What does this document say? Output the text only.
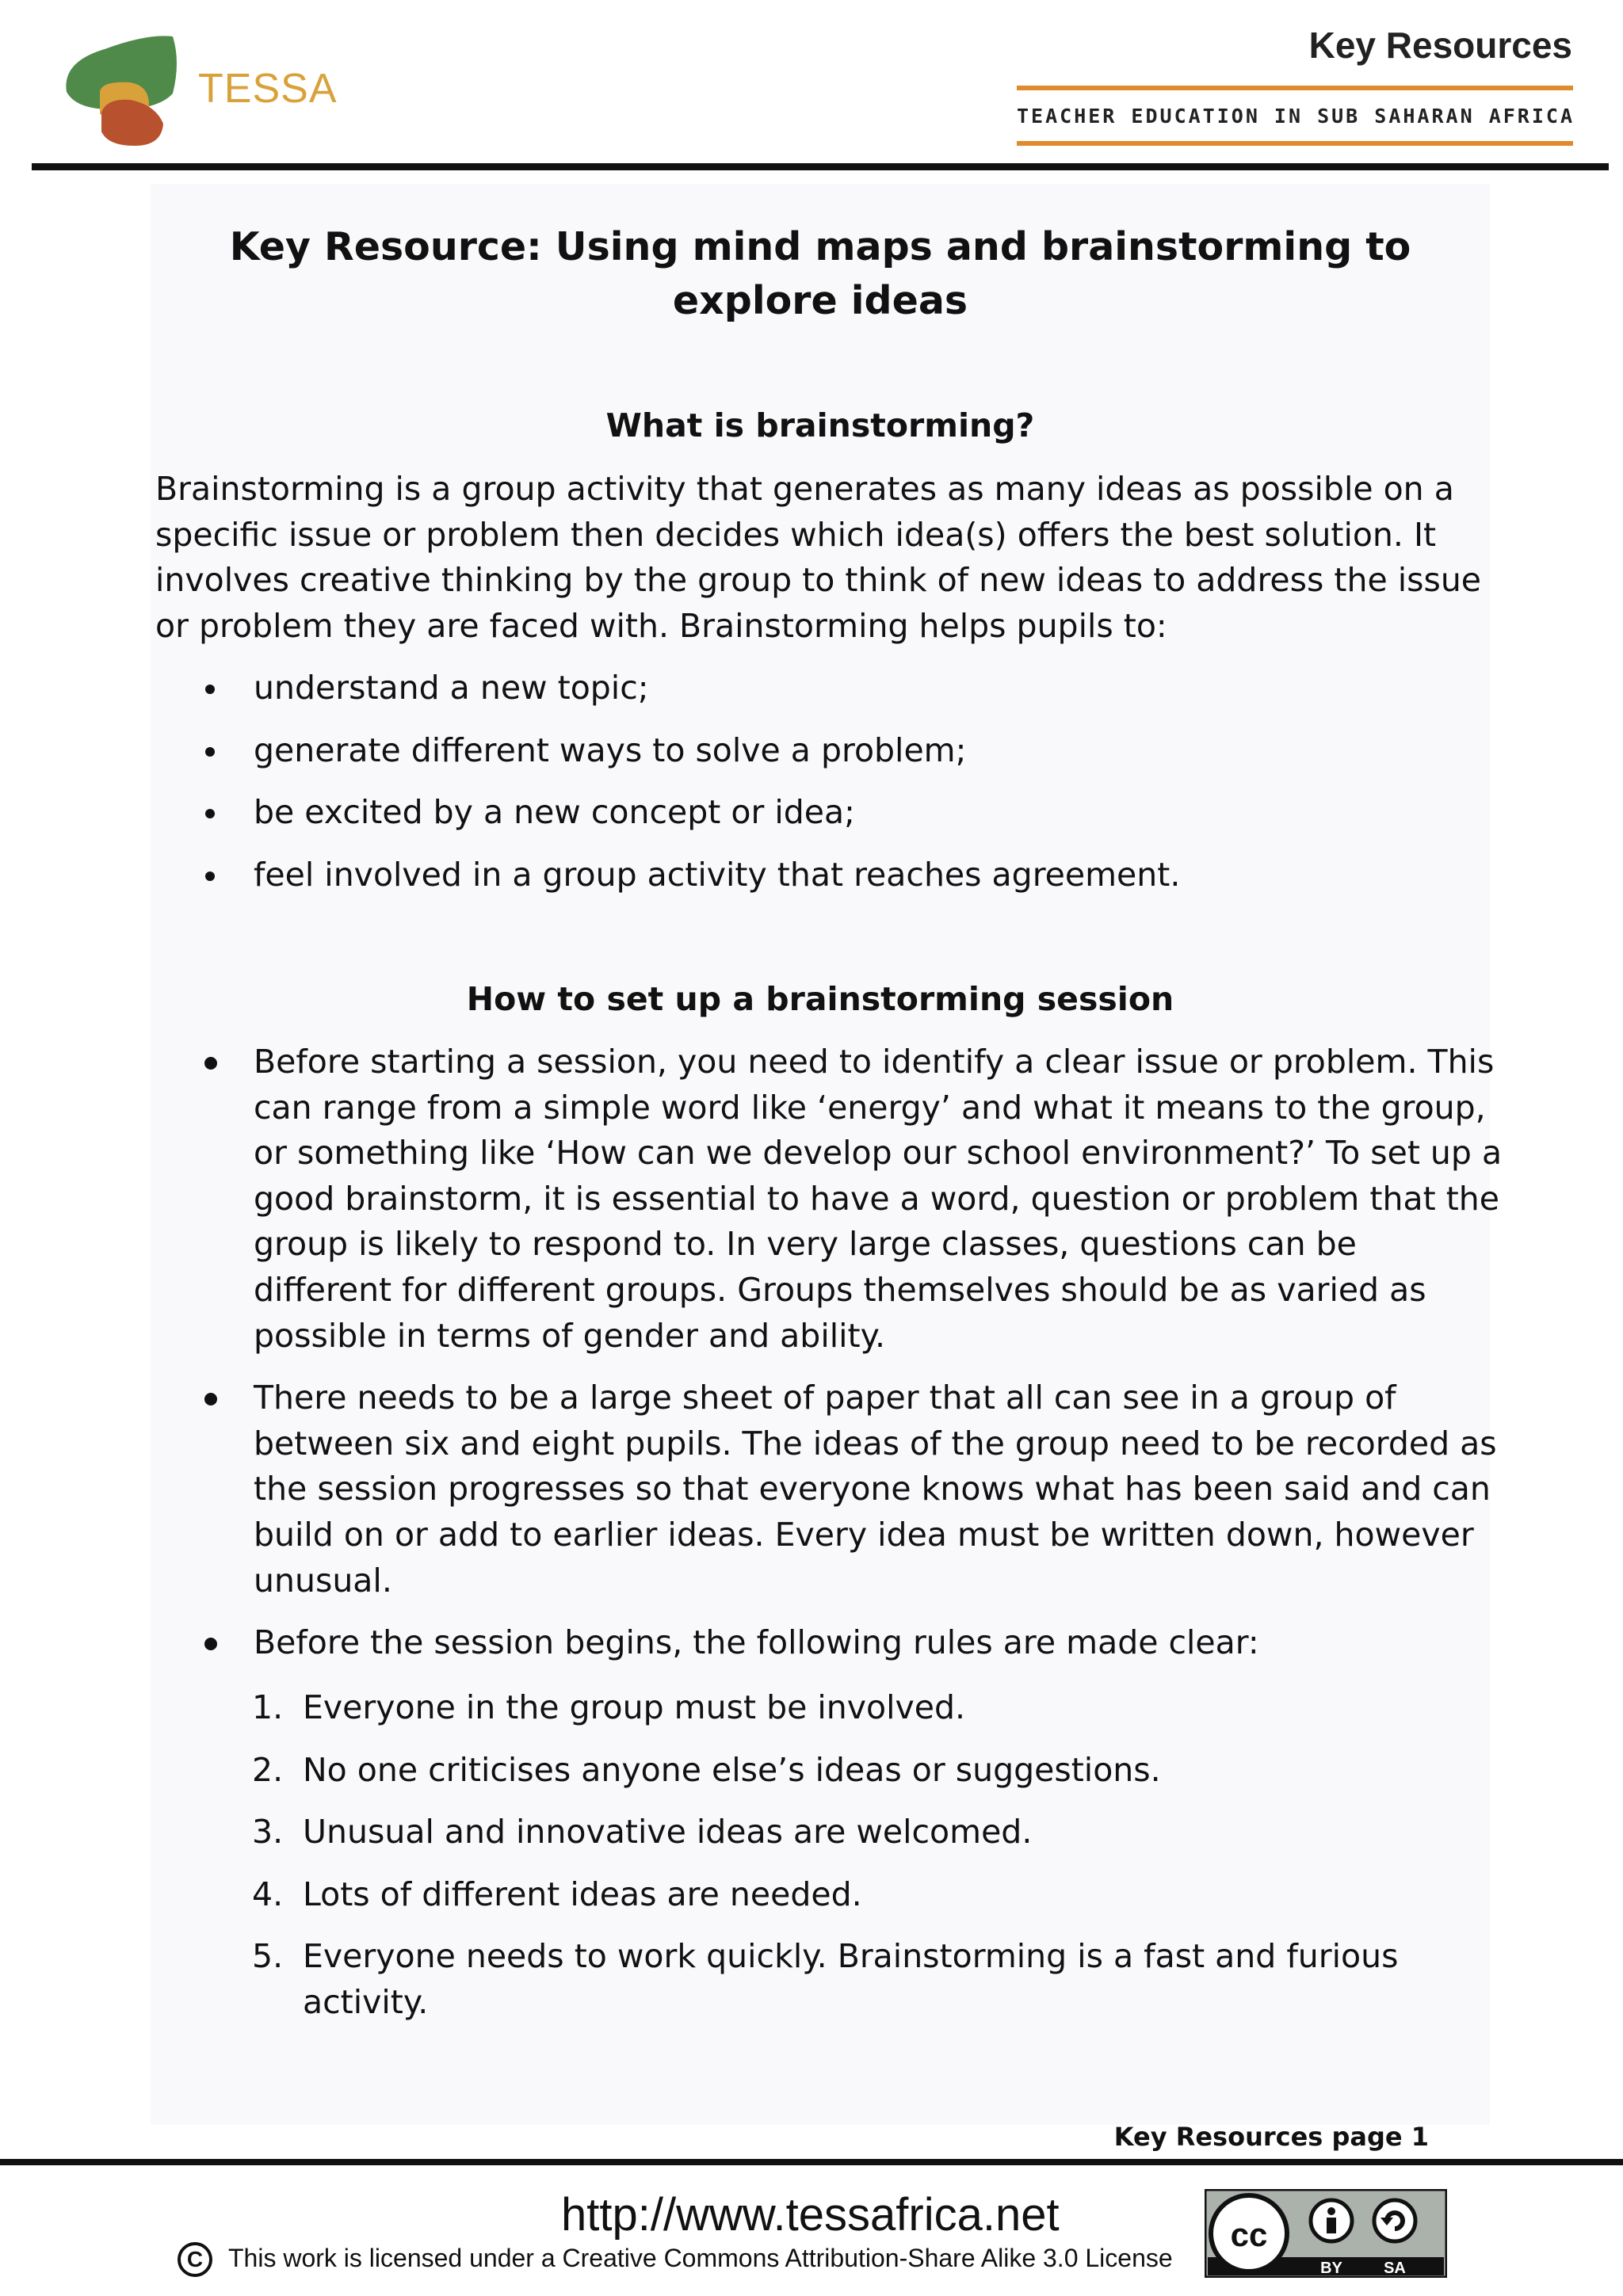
TESSA
Key Resources
TEACHER EDUCATION IN SUB SAHARAN AFRICA
Key Resource: Using mind maps and brainstorming to explore ideas
What is brainstorming?

Brainstorming is a group activity that generates as many ideas as possible on a specific issue or problem then decides which idea(s) offers the best solution. It involves creative thinking by the group to think of new ideas to address the issue or problem they are faced with. Brainstorming helps pupils to:

understand a new topic;
generate different ways to solve a problem;
be excited by a new concept or idea;
feel involved in a group activity that reaches agreement.
How to set up a brainstorming session
Before starting a session, you need to identify a clear issue or problem. This can range from a simple word like ‘energy’ and what it means to the group, or something like ‘How can we develop our school environment?’ To set up a good brainstorm, it is essential to have a word, question or problem that the group is likely to respond to. In very large classes, questions can be different for different groups. Groups themselves should be as varied as possible in terms of gender and ability.
There needs to be a large sheet of paper that all can see in a group of between six and eight pupils. The ideas of the group need to be recorded as the session progresses so that everyone knows what has been said and can build on or add to earlier ideas. Every idea must be written down, however unusual.
Before the session begins, the following rules are made clear:
1. Everyone in the group must be involved.
2. No one criticises anyone else’s ideas or suggestions.
3. Unusual and innovative ideas are welcomed.
4. Lots of different ideas are needed.
5. Everyone needs to work quickly. Brainstorming is a fast and furious activity.
Key Resources page 1
http://www.tessafrica.net
C This work is licensed under a Creative Commons Attribution-Share Alike 3.0 License
cc
BY	SA
